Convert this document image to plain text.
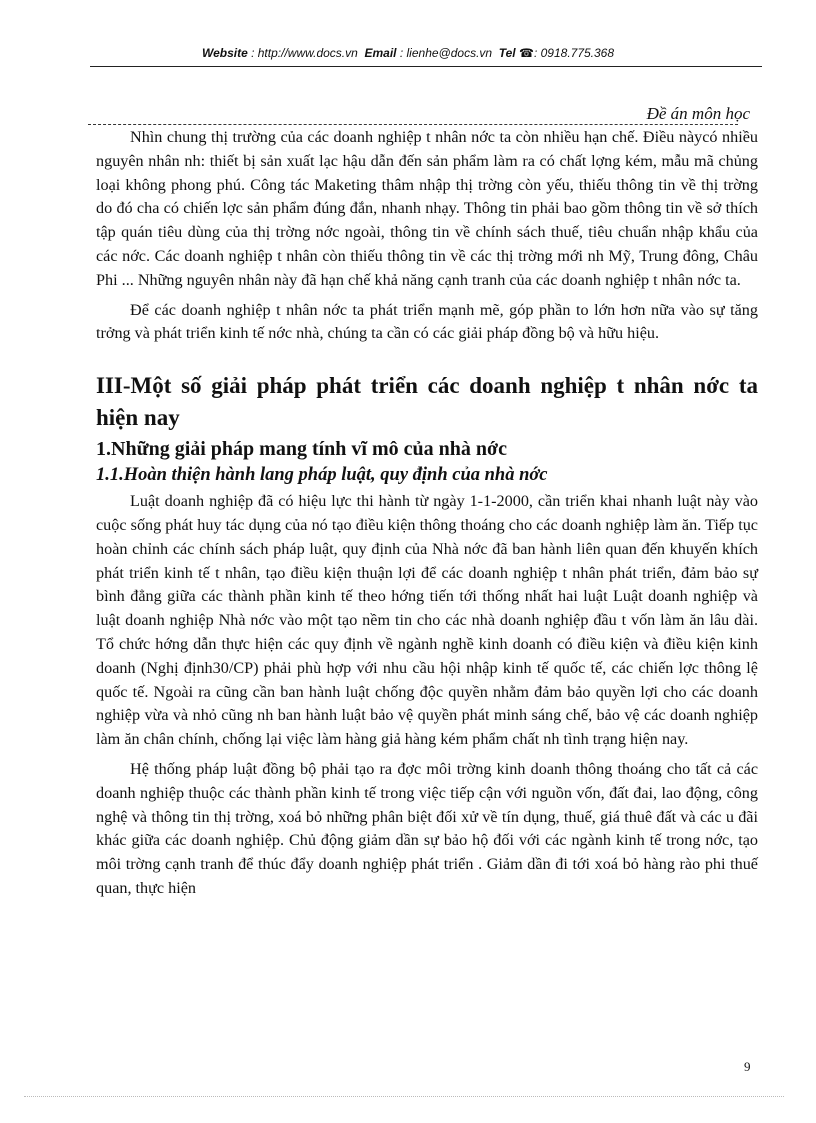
Website : http://www.docs.vn Email : lienhe@docs.vn Tel ☎: 0918.775.368
Đề án môn học

Nhìn chung thị trường của các doanh nghiệp t nhân nớc ta còn nhiều hạn chế. Điều nàycó nhiều nguyên nhân nh: thiết bị sản xuất lạc hậu dẫn đến sản phẩm làm ra có chất lợng kém, mẫu mã chủng loại không phong phú. Công tác Maketing thâm nhập thị trờng còn yếu, thiếu thông tin về thị trờng do đó cha có chiến lợc sản phẩm đúng đắn, nhanh nhạy. Thông tin phải bao gồm thông tin về sở thích tập quán tiêu dùng của thị trờng nớc ngoài, thông tin về chính sách thuế, tiêu chuẩn nhập khẩu của các nớc. Các doanh nghiệp t nhân còn thiếu thông tin về các thị trờng mới nh Mỹ, Trung đông, Châu Phi ... Những nguyên nhân này đã hạn chế khả năng cạnh tranh của các doanh nghiệp t nhân nớc ta.

Để các doanh nghiệp t nhân nớc ta phát triển mạnh mẽ, góp phần to lớn hơn nữa vào sự tăng trởng và phát triển kinh tế nớc nhà, chúng ta cần có các giải pháp đồng bộ và hữu hiệu.

III-Một số giải pháp phát triển các doanh nghiệp t nhân nớc ta hiện nay
1.Những giải pháp mang tính vĩ mô của nhà nớc
1.1.Hoàn thiện hành lang pháp luật, quy định của nhà nớc

Luật doanh nghiệp đã có hiệu lực thi hành từ ngày 1-1-2000, cần triển khai nhanh luật này vào cuộc sống phát huy tác dụng của nó tạo điều kiện thông thoáng cho các doanh nghiệp làm ăn. Tiếp tục hoàn chỉnh các chính sách pháp luật, quy định của Nhà nớc đã ban hành liên quan đến khuyến khích phát triển kinh tế t nhân, tạo điều kiện thuận lợi để các doanh nghiệp t nhân phát triển, đảm bảo sự bình đẳng giữa các thành phần kinh tế theo hớng tiến tới thống nhất hai luật Luật doanh nghiệp và luật doanh nghiệp Nhà nớc vào một tạo nềm tin cho các nhà doanh nghiệp đầu t vốn làm ăn lâu dài. Tổ chức hớng dẫn thực hiện các quy định về ngành nghề kinh doanh có điều kiện và điều kiện kinh doanh (Nghị định30/CP) phải phù hợp với nhu cầu hội nhập kinh tế quốc tế, các chiến lợc thông lệ quốc tế. Ngoài ra cũng cần ban hành luật chống độc quyền nhằm đảm bảo quyền lợi cho các doanh nghiệp vừa và nhỏ cũng nh ban hành luật bảo vệ quyền phát minh sáng chế, bảo vệ các doanh nghiệp làm ăn chân chính, chống lại việc làm hàng giả hàng kém phẩm chất nh tình trạng hiện nay.

Hệ thống pháp luật đồng bộ phải tạo ra đợc môi trờng kinh doanh thông thoáng cho tất cả các doanh nghiệp thuộc các thành phần kinh tế trong việc tiếp cận với nguồn vốn, đất đai, lao động, công nghệ và thông tin thị trờng, xoá bỏ những phân biệt đối xử về tín dụng, thuế, giá thuê đất và các u đãi khác giữa các doanh nghiệp. Chủ động giảm dần sự bảo hộ đối với các ngành kinh tế trong nớc, tạo môi trờng cạnh tranh để thúc đẩy doanh nghiệp phát triển . Giảm dần đi tới xoá bỏ hàng rào phi thuế quan, thực hiện

9
